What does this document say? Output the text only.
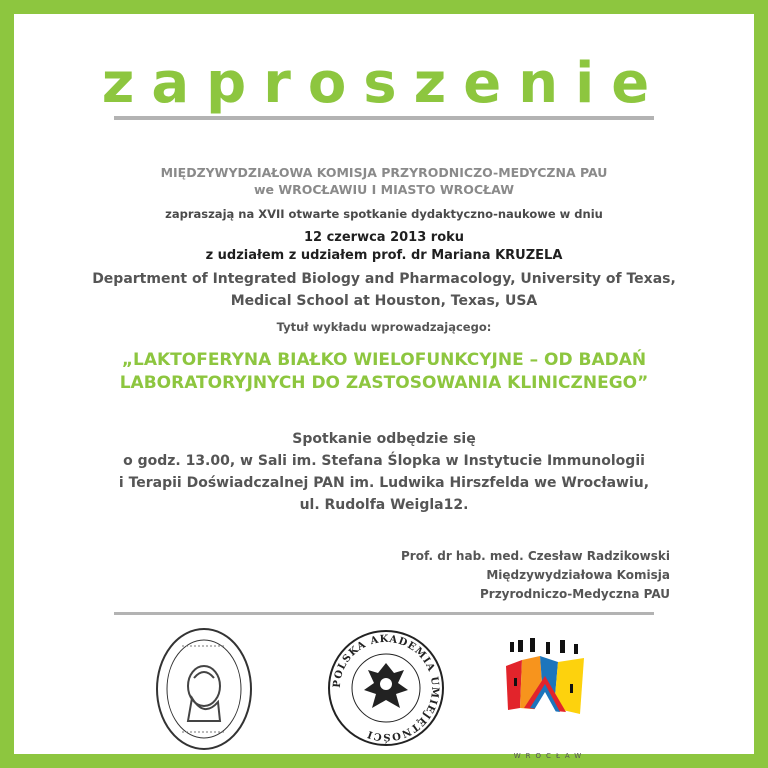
zaproszenie
MIĘDZYWYDZIAŁOWA KOMISJA PRZYRODNICZO-MEDYCZNA PAU
we WROCŁAWIU I MIASTO WROCŁAW
zapraszają na XVII otwarte spotkanie dydaktyczno-naukowe w dniu
12 czerwca 2013 roku
z udziałem z udziałem prof. dr Mariana KRUZELA
Department of Integrated Biology and Pharmacology, University of Texas,
Medical School at Houston, Texas, USA
Tytuł wykładu wprowadzającego:
„LAKTOFERYNA BIAŁKO WIELOFUNKCYJNE – OD BADAŃ
LABORATORYJNYCH DO ZASTOSOWANIA KLINICZNEGO”
Spotkanie odbędzie się
o godz. 13.00, w Sali im. Stefana Ślopka w Instytucie Immunologii
i Terapii Doświadczalnej PAN im. Ludwika Hirszfelda we Wrocławiu,
ul. Rudolfa Weigla12.
Prof. dr hab. med. Czesław Radzikowski
Międzywydziałowa Komisja
Przyrodniczo-Medyczna PAU
POLSKA AKADEMIA UMIEJĘTNOŚCI
WROCŁAW
